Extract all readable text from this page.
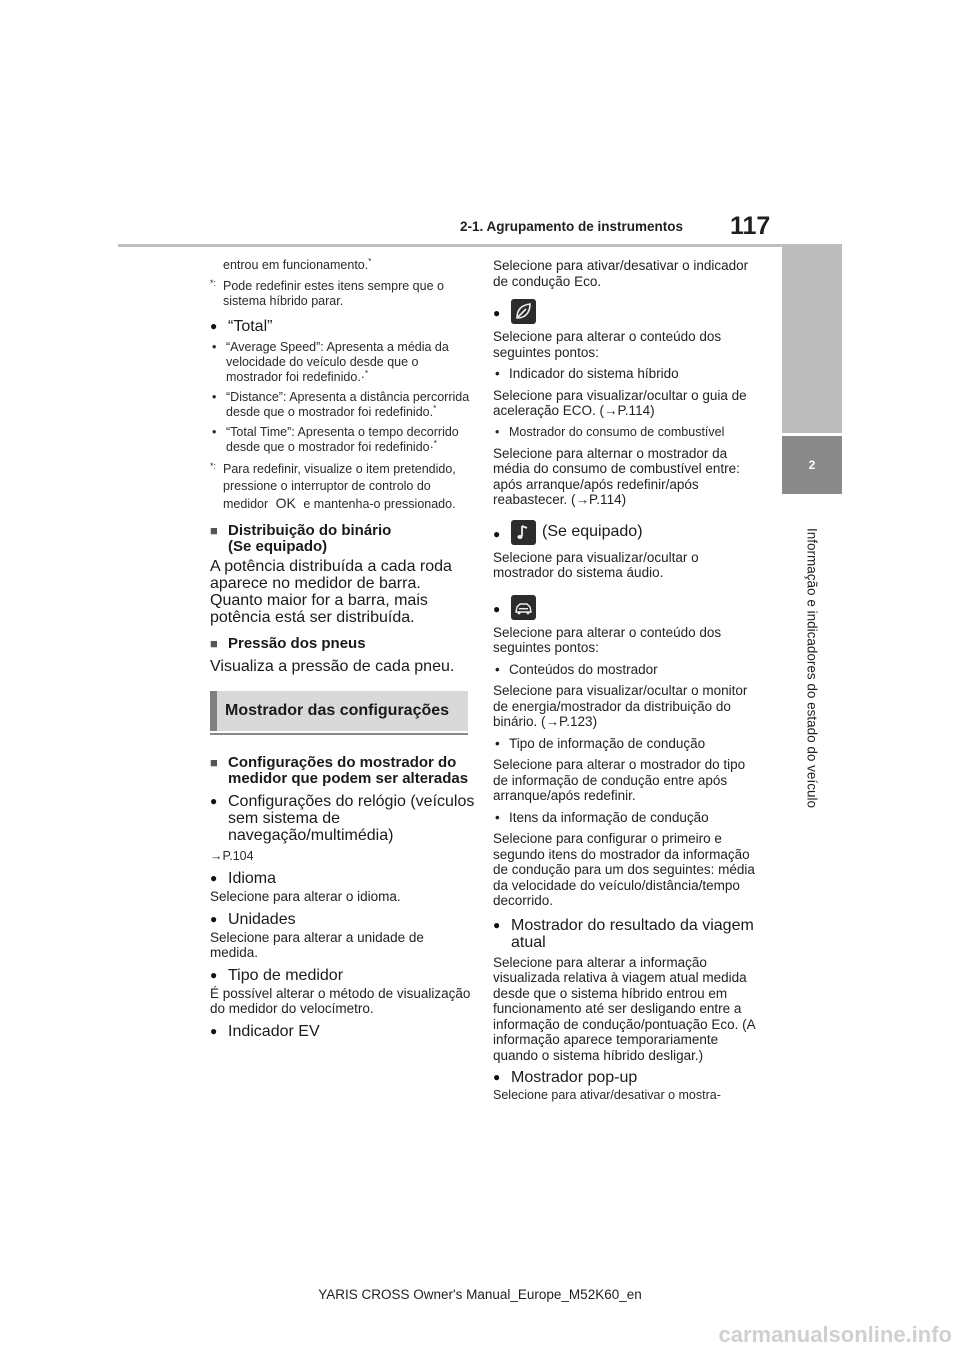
2-1. Agrupamento de instrumentos 117
2
Informação e indicadores do estado do veículo
entrou em funcionamento.*
*: Pode redefinir estes itens sempre que o sistema híbrido parar.
● “Total”
• “Average Speed”: Apresenta a média da velocidade do veículo desde que o mostrador foi redefinido.·*
• “Distance”: Apresenta a distância percorrida desde que o mostrador foi redefinido.*
• “Total Time”: Apresenta o tempo decorrido desde que o mostrador foi redefinido·*
*: Para redefinir, visualize o item pretendido, pressione o interruptor de controlo do medidor OK e mantenha-o pressionado.
■ Distribuição do binário
(Se equipado)
A potência distribuída a cada roda aparece no medidor de barra. Quanto maior for a barra, mais potência está ser distribuída.
■ Pressão dos pneus
Visualiza a pressão de cada pneu.
Mostrador das configurações
■ Configurações do mostrador do medidor que podem ser alteradas
● Configurações do relógio (veículos sem sistema de navegação/multimédia)
→P.104
● Idioma
Selecione para alterar o idioma.
● Unidades
Selecione para alterar a unidade de medida.
● Tipo de medidor
É possível alterar o método de visualização do medidor do velocímetro.
● Indicador EV
Selecione para ativar/desativar o indicador de condução Eco.
●
Selecione para alterar o conteúdo dos seguintes pontos:
• Indicador do sistema híbrido
Selecione para visualizar/ocultar o guia de aceleração ECO. (→P.114)
• Mostrador do consumo de combustível
Selecione para alternar o mostrador da média do consumo de combustível entre: após arranque/após redefinir/após reabastecer. (→P.114)
● (Se equipado)
Selecione para visualizar/ocultar o mostrador do sistema áudio.
●
Selecione para alterar o conteúdo dos seguintes pontos:
• Conteúdos do mostrador
Selecione para visualizar/ocultar o monitor de energia/mostrador da distribuição do binário. (→P.123)
• Tipo de informação de condução
Selecione para alterar o mostrador do tipo de informação de condução entre após arranque/após redefinir.
• Itens da informação de condução
Selecione para configurar o primeiro e segundo itens do mostrador da informação de condução para um dos seguintes: média da velocidade do veículo/distância/tempo decorrido.
● Mostrador do resultado da viagem atual
Selecione para alterar a informação visualizada relativa à viagem atual medida desde que o sistema híbrido entrou em funcionamento até ser desligando entre a informação de condução/pontuação Eco. (A informação aparece temporariamente quando o sistema híbrido desligar.)
● Mostrador pop-up
Selecione para ativar/desativar o mostra-
YARIS CROSS Owner's Manual_Europe_M52K60_en
carmanualsonline.info
